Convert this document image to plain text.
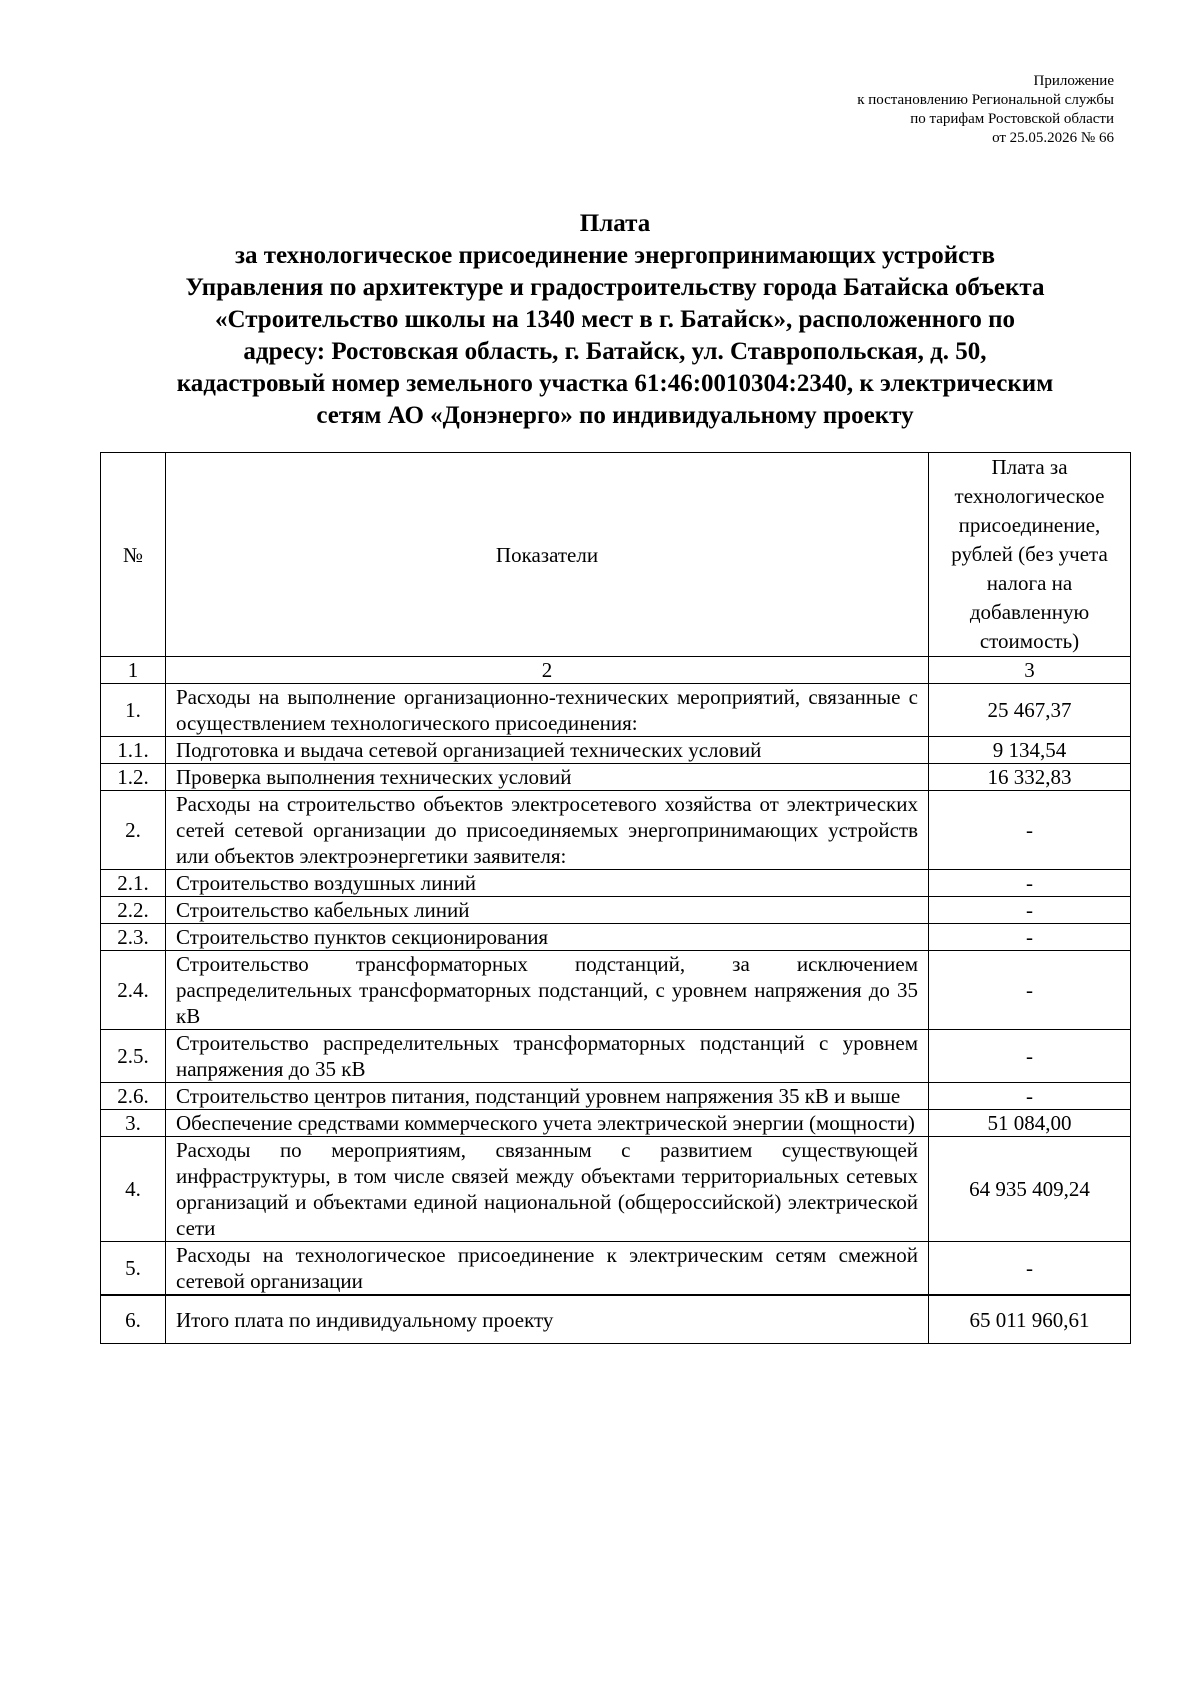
Приложение
к постановлению Региональной службы
по тарифам Ростовской области
от 25.05.2026 № 66
Плата
за технологическое присоединение энергопринимающих устройств
Управления по архитектуре и градостроительству города Батайска объекта
«Строительство школы на 1340 мест в г. Батайск», расположенного по
адресу: Ростовская область, г. Батайск, ул. Ставропольская, д. 50,
кадастровый номер земельного участка 61:46:0010304:2340, к электрическим
сетям АО «Донэнерго» по индивидуальному проекту
№	Показатели	Плата за технологическое присоединение, рублей (без учета налога на добавленную стоимость)
1	2	3
1.	Расходы на выполнение организационно-технических мероприятий, связанные с осуществлением технологического присоединения:	25 467,37
1.1.	Подготовка и выдача сетевой организацией технических условий	9 134,54
1.2.	Проверка выполнения технических условий	16 332,83
2.	Расходы на строительство объектов электросетевого хозяйства от электрических сетей сетевой организации до присоединяемых энергопринимающих устройств или объектов электроэнергетики заявителя:	-
2.1.	Строительство воздушных линий	-
2.2.	Строительство кабельных линий	-
2.3.	Строительство пунктов секционирования	-
2.4.	Строительство трансформаторных подстанций, за исключением распределительных трансформаторных подстанций, с уровнем напряжения до 35 кВ	-
2.5.	Строительство распределительных трансформаторных подстанций с уровнем напряжения до 35 кВ	-
2.6.	Строительство центров питания, подстанций уровнем напряжения 35 кВ и выше	-
3.	Обеспечение средствами коммерческого учета электрической энергии (мощности)	51 084,00
4.	Расходы по мероприятиям, связанным с развитием существующей инфраструктуры, в том числе связей между объектами территориальных сетевых организаций и объектами единой национальной (общероссийской) электрической сети	64 935 409,24
5.	Расходы на технологическое присоединение к электрическим сетям смежной сетевой организации	-
6.	Итого плата по индивидуальному проекту	65 011 960,61
